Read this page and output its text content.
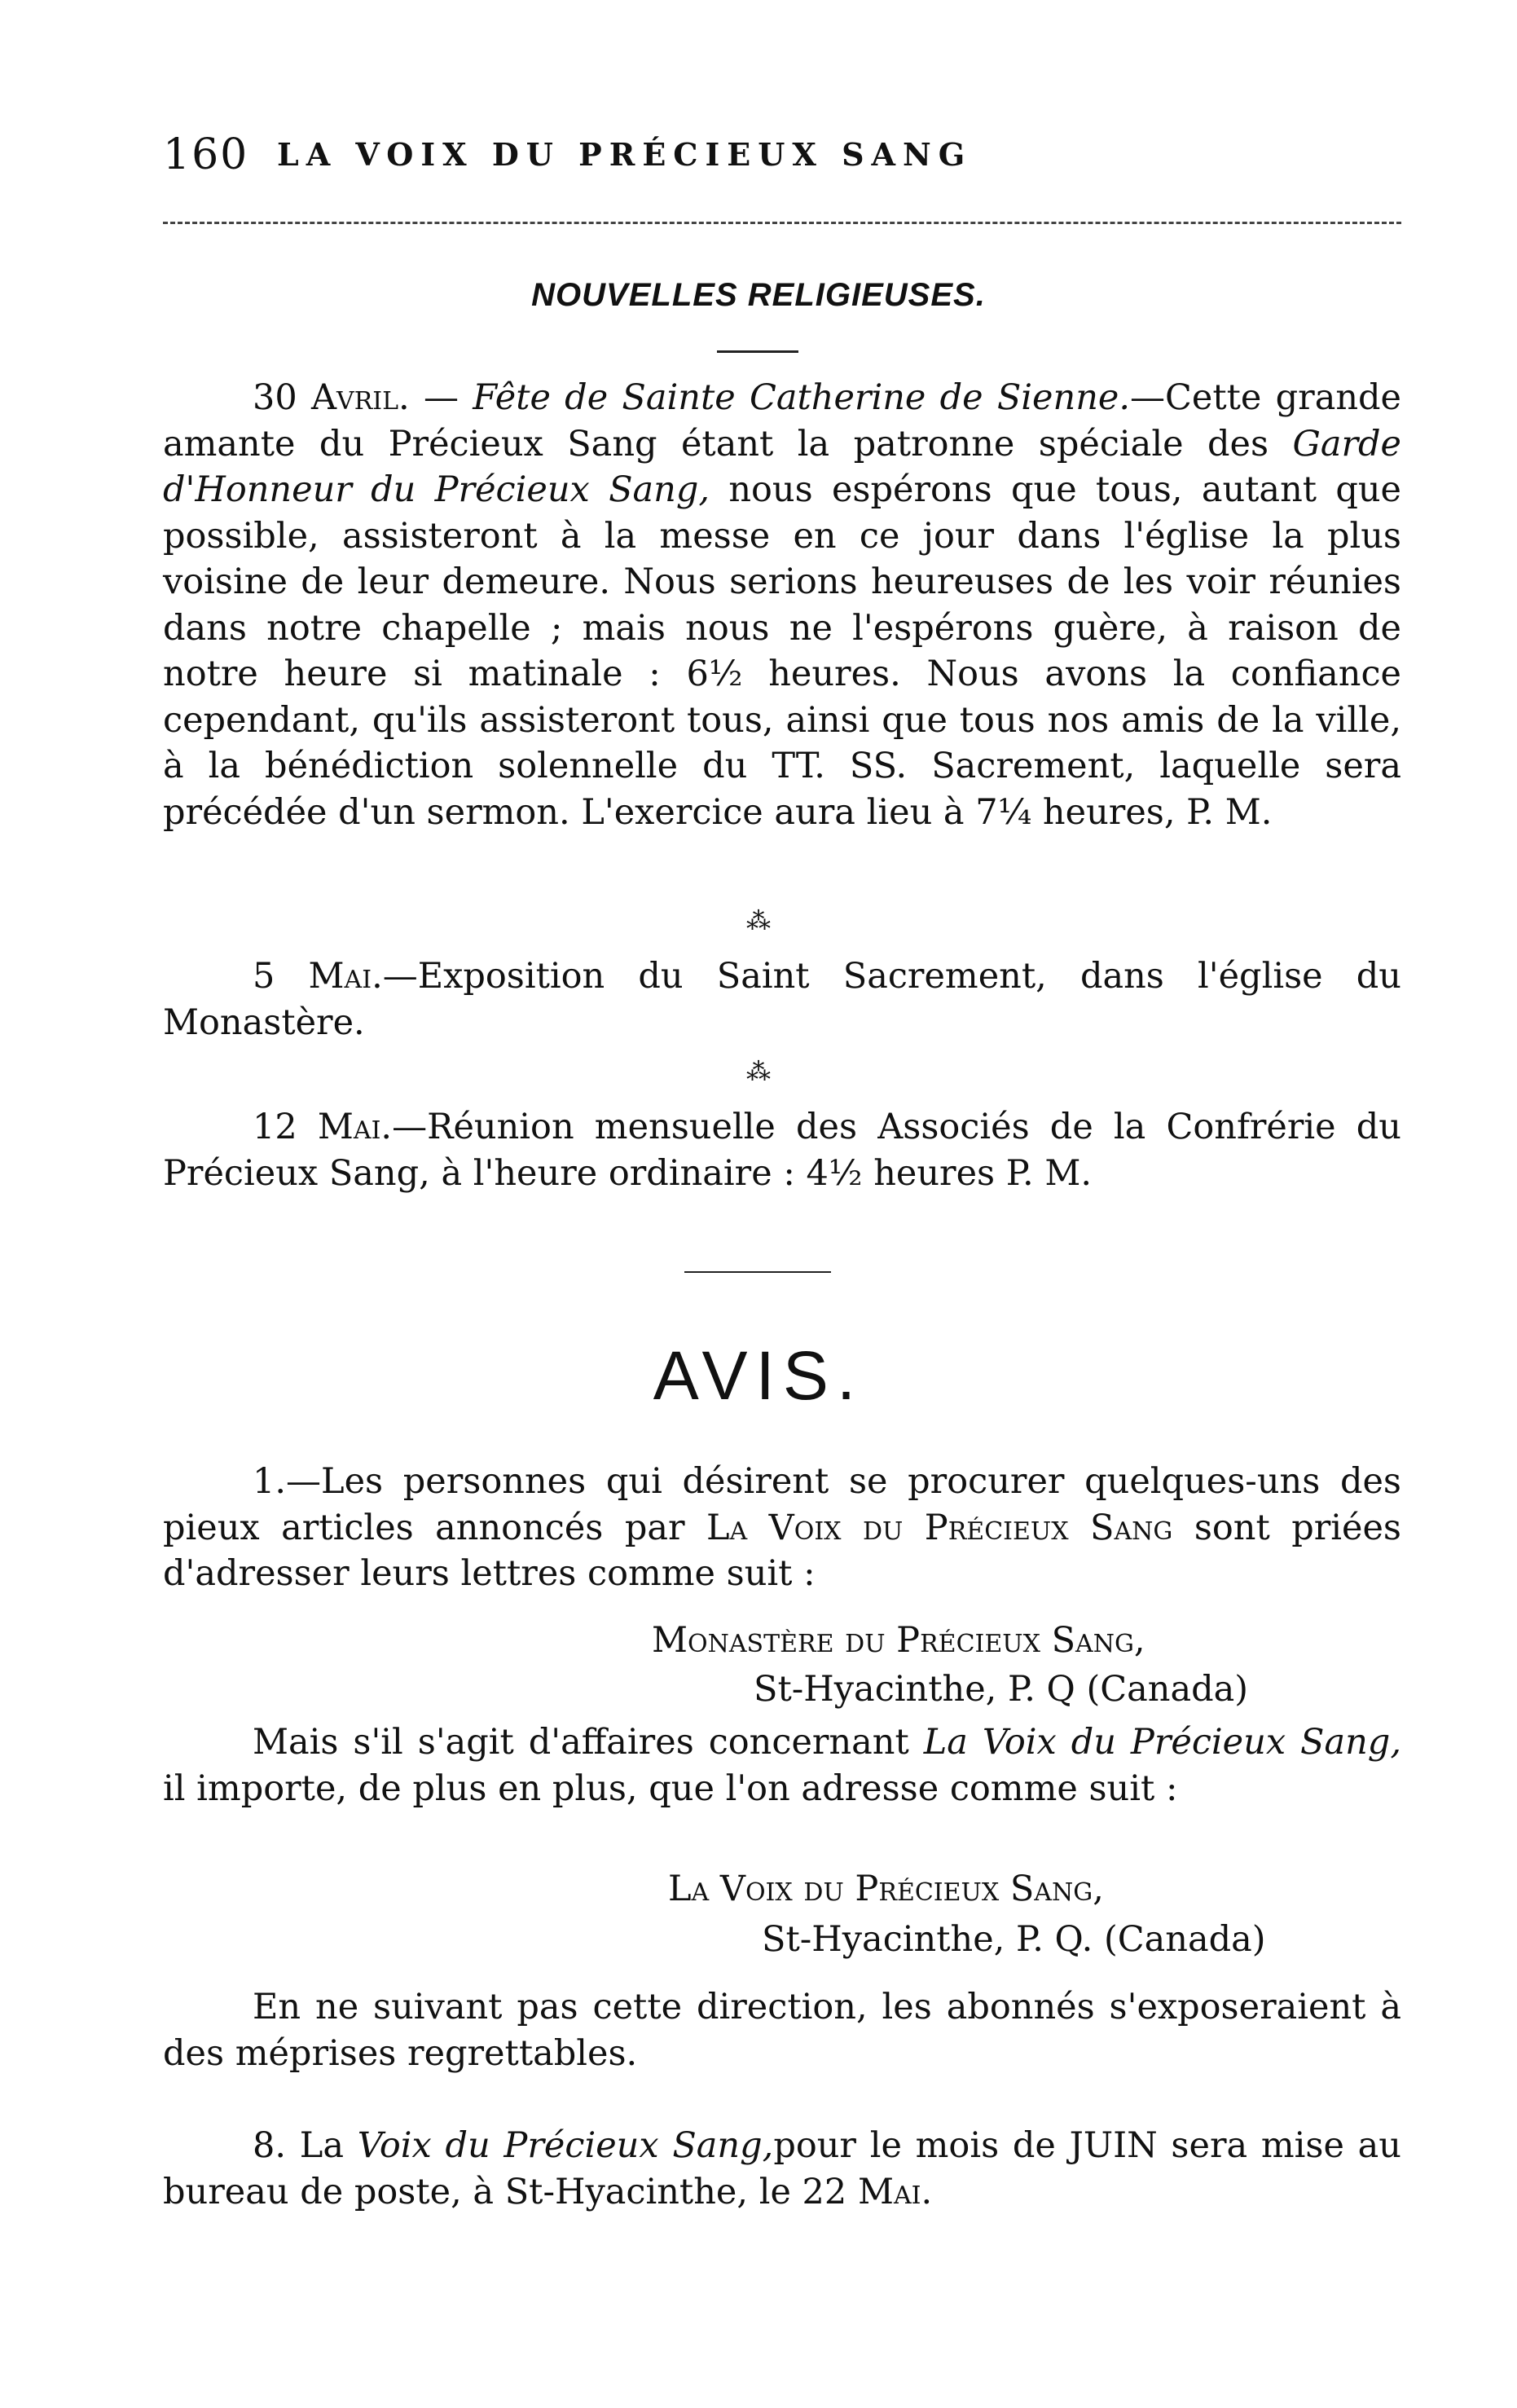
160 LA VOIX DU PRÉCIEUX SANG
NOUVELLES RELIGIEUSES.
30 Avril. — Fête de Sainte Catherine de Sienne.—Cette grande amante du Précieux Sang étant la patronne spéciale des Garde d'Honneur du Précieux Sang, nous espérons que tous, autant que possible, assisteront à la messe en ce jour dans l'église la plus voisine de leur demeure. Nous serions heureuses de les voir réunies dans notre chapelle ; mais nous ne l'espérons guère, à raison de notre heure si matinale : 6½ heures. Nous avons la confiance cependant, qu'ils assisteront tous, ainsi que tous nos amis de la ville, à la bénédiction solennelle du TT. SS. Sacrement, laquelle sera précédée d'un sermon. L'exercice aura lieu à 7¼ heures, P. M.
⁂
5 Mai.—Exposition du Saint Sacrement, dans l'église du Monastère.
⁂
12 Mai.—Réunion mensuelle des Associés de la Confrérie du Précieux Sang, à l'heure ordinaire : 4½ heures P. M.
AVIS.
1.—Les personnes qui désirent se procurer quelques-uns des pieux articles annoncés par La Voix du Précieux Sang sont priées d'adresser leurs lettres comme suit :
Monastère du Précieux Sang,
St-Hyacinthe, P. Q (Canada)
Mais s'il s'agit d'affaires concernant La Voix du Précieux Sang, il importe, de plus en plus, que l'on adresse comme suit :
La Voix du Précieux Sang,
St-Hyacinthe, P. Q. (Canada)
En ne suivant pas cette direction, les abonnés s'exposeraient à des méprises regrettables.
8. La Voix du Précieux Sang,pour le mois de JUIN sera mise au bureau de poste, à St-Hyacinthe, le 22 Mai.
